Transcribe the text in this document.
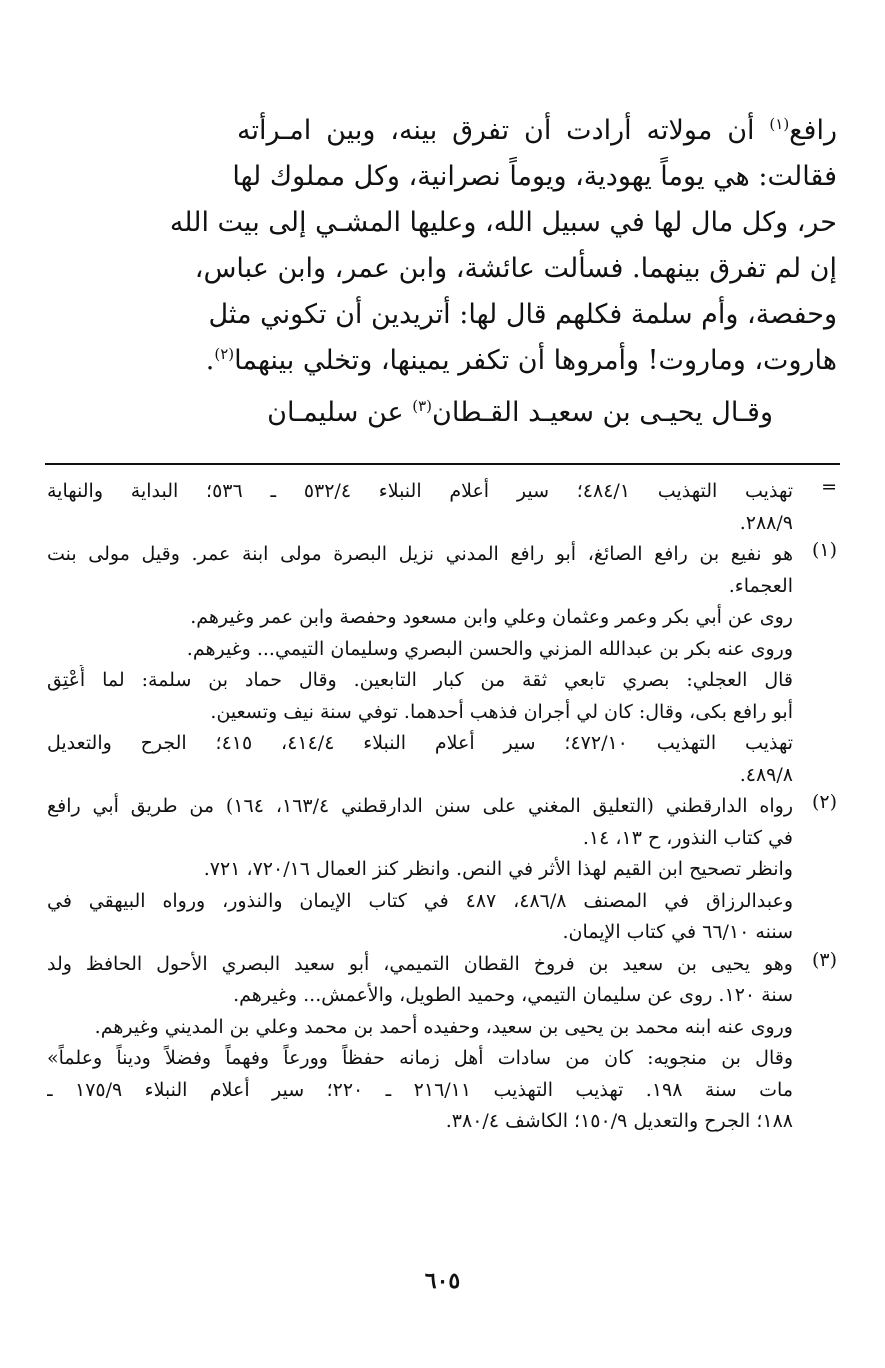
رافع$^{(١)}$ أن مولاته أرادت أن تفرق بينه، وبين امـرأته
فقالت: هي يوماً يهودية، ويوماً نصرانية، وكل مملوك لها
حر، وكل مال لها في سبيل الله، وعليها المشـي إلى بيت الله
إن لم تفرق بينهما. فسألت عائشة، وابن عمر، وابن عباس،
وحفصة، وأم سلمة فكلهم قال لها: أتريدين أن تكوني مثل
هاروت، وماروت! وأمروها أن تكفر يمينها، وتخلي بينهما$^{(٢)}$.
وقـال يحيـى بن سعيـد القـطان$^{(٣)}$ عن سليمـان
=
تهذيب التهذيب ٤٨٤/١؛ سير أعلام النبلاء ٥٣٢/٤ ـ ٥٣٦؛ البداية والنهاية
٢٨٨/٩.
(١)
هو نفيع بن رافع الصائغ، أبو رافع المدني نزيل البصرة مولى ابنة عمر. وقيل مولى بنت
العجماء.
روى عن أبي بكر وعمر وعثمان وعلي وابن مسعود وحفصة وابن عمر وغيرهم.
وروى عنه بكر بن عبدالله المزني والحسن البصري وسليمان التيمي... وغيرهم.
قال العجلي: بصري تابعي ثقة من كبار التابعين. وقال حماد بن سلمة: لما أُعْتِق
أبو رافع بكى، وقال: كان لي أجران فذهب أحدهما. توفي سنة نيف وتسعين.
تهذيب التهذيب ٤٧٢/١٠؛ سير أعلام النبلاء ٤١٤/٤، ٤١٥؛ الجرح والتعديل
٤٨٩/٨.
(٢)
رواه الدارقطني (التعليق المغني على سنن الدارقطني ١٦٣/٤، ١٦٤) من طريق أبي رافع
في كتاب النذور، ح ١٣، ١٤.
وانظر تصحيح ابن القيم لهذا الأثر في النص. وانظر كنز العمال ٧٢٠/١٦، ٧٢١.
وعبدالرزاق في المصنف ٤٨٦/٨، ٤٨٧ في كتاب الإيمان والنذور، ورواه البيهقي في
سننه ٦٦/١٠ في كتاب الإيمان.
(٣)
وهو يحيى بن سعيد بن فروخ القطان التميمي، أبو سعيد البصري الأحول الحافظ ولد
سنة ١٢٠. روى عن سليمان التيمي، وحميد الطويل، والأعمش... وغيرهم.
وروى عنه ابنه محمد بن يحيى بن سعيد، وحفيده أحمد بن محمد وعلي بن المديني وغيرهم.
وقال بن منجويه: كان من سادات أهل زمانه حفظاً وورعاً وفهماً وفضلاً وديناً وعلماً»
مات سنة ١٩٨. تهذيب التهذيب ٢١٦/١١ ـ ٢٢٠؛ سير أعلام النبلاء ١٧٥/٩ ـ
١٨٨؛ الجرح والتعديل ١٥٠/٩؛ الكاشف ٣٨٠/٤.
٦٠٥
